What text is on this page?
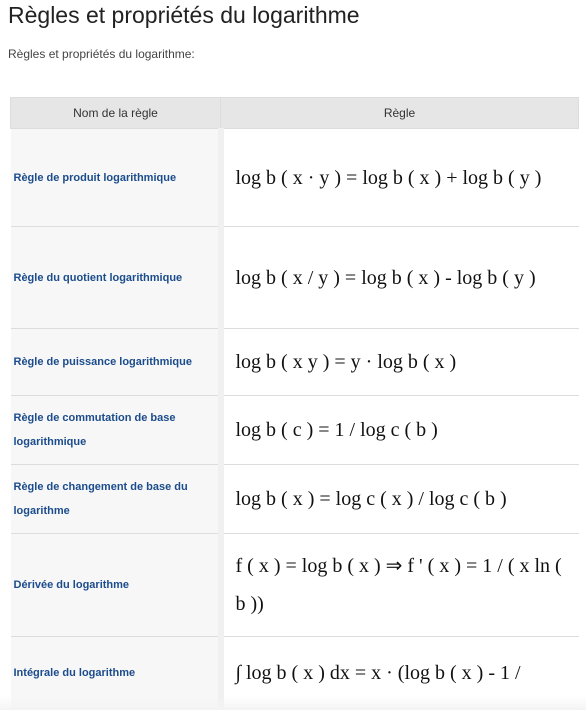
Règles et propriétés du logarithme

Règles et propriétés du logarithme:

Nom de la règle	Règle
Règle de produit logarithmique	log b ( x · y ) = log b ( x ) + log b ( y )

Règle du quotient logarithmique	log b ( x / y ) = log b ( x ) - log b ( y )

Règle de puissance logarithmique	log b ( x y ) = y · log b ( x )

Règle de commutation de base logarithmique	log b ( c ) = 1 / log c ( b )

Règle de changement de base du logarithme	log b ( x ) = log c ( x ) / log c ( b )

Dérivée du logarithme	f ( x ) = log b ( x ) ⇒ f ' ( x ) = 1 / ( x ln ( b ))

Intégrale du logarithme	∫ log b ( x ) dx = x · (log b ( x ) - 1 /
